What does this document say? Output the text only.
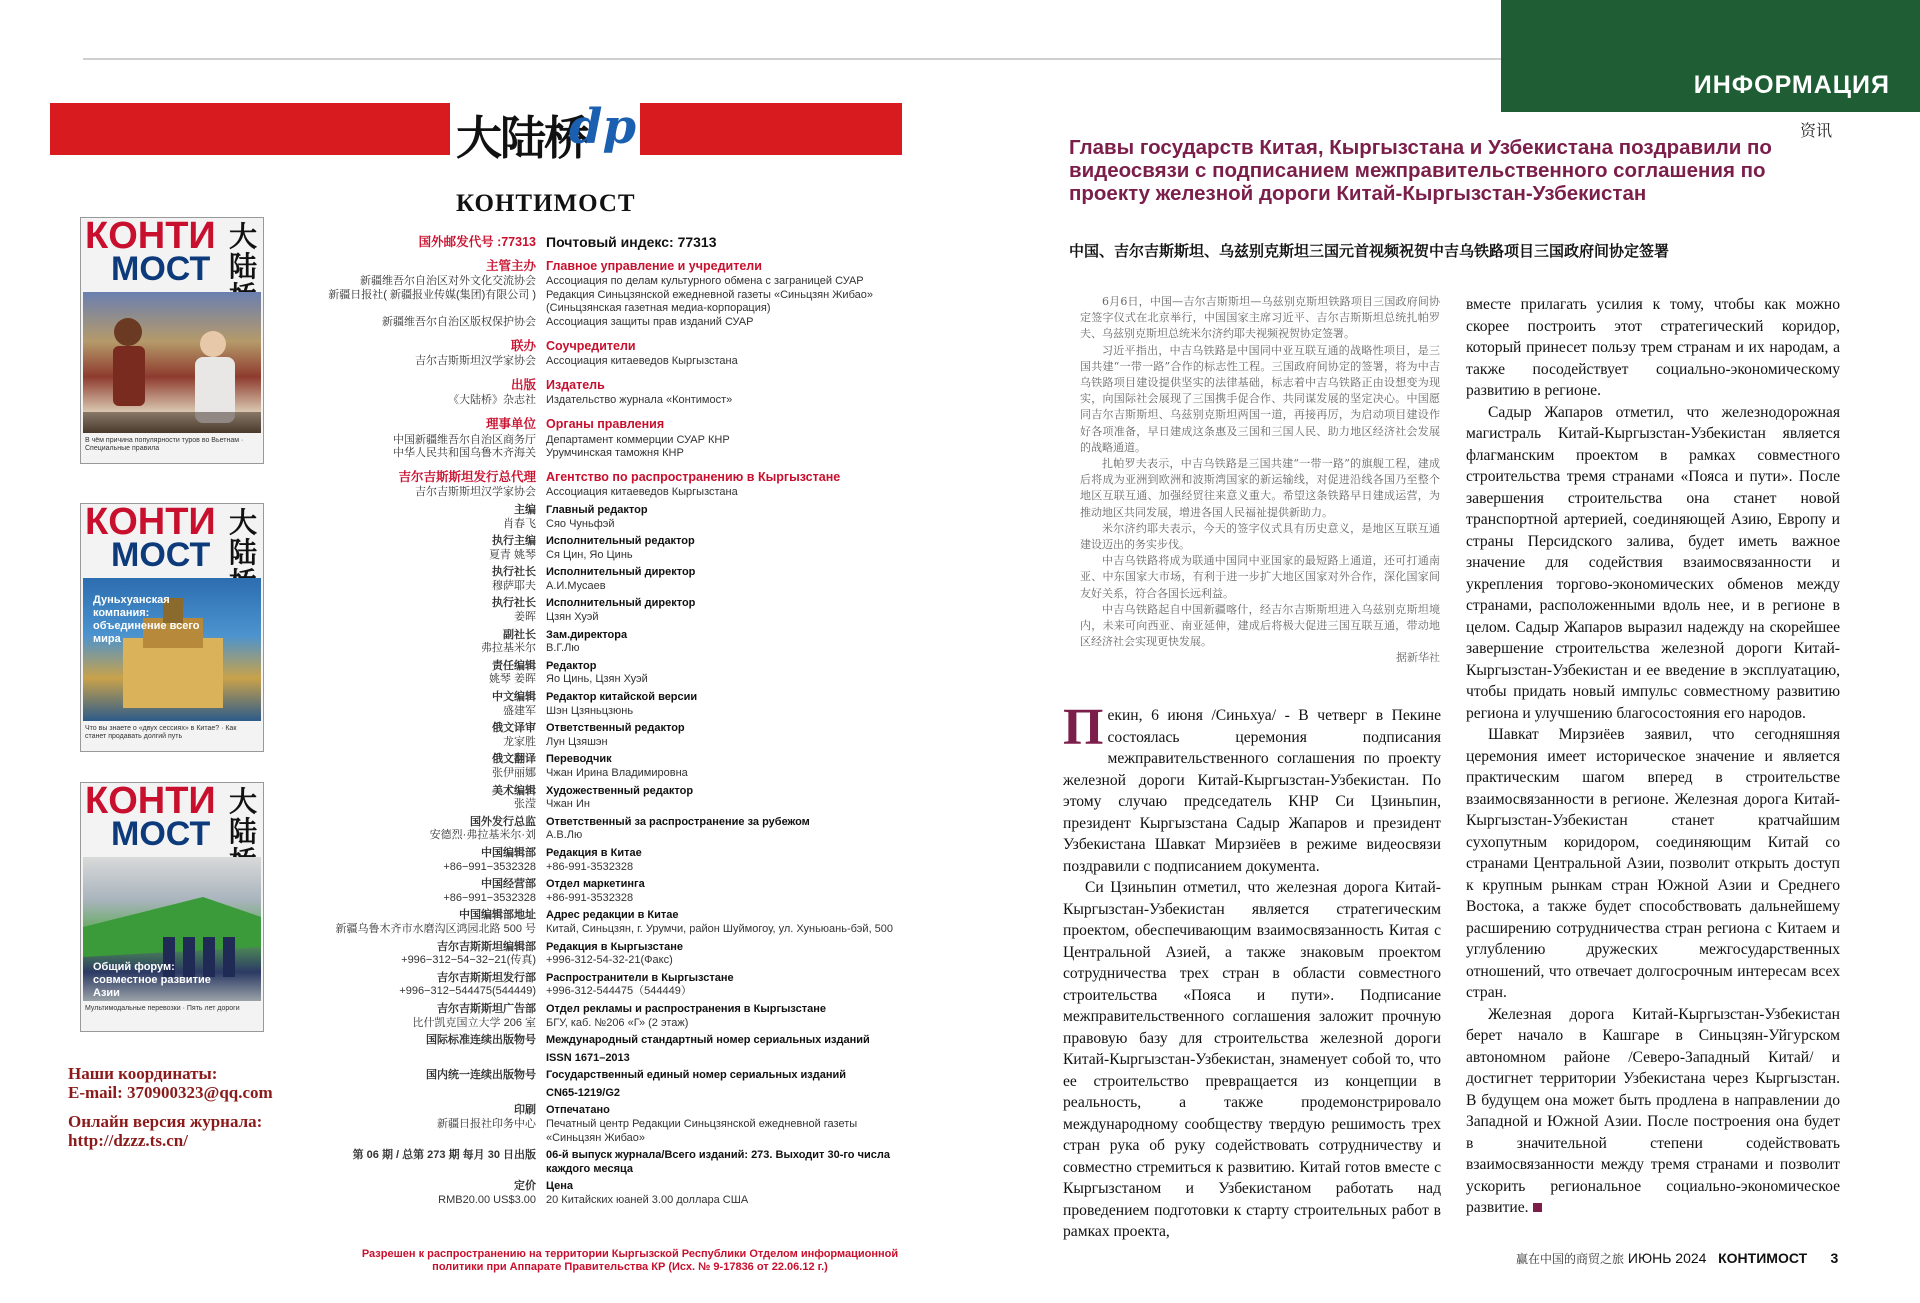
ИНФОРМАЦИЯ
资讯
大陆桥
dp
КОНТИМОСТ
КОНТИ
МОСТ
大陆
В чём причина популярности туров во Вьетнам · Специальные правила
КОНТИ
МОСТ
大陆
Дуньхуанская компания: объединение всего мира
Что вы знаете о «двух сессиях» в Китае? · Как станет продавать долгий путь
КОНТИ
МОСТ
大陆
Общий форум: совместное развитие Азии
Мультимодальные перевозки · Пять лет дороги
国外邮发代号 :77313 Почтовый индекс: 77313
主管主办 Главное управление и учредители
新疆维吾尔自治区对外文化交流协会 Ассоциация по делам культурного обмена с заграницей СУАР
新疆日报社( 新疆报业传媒(集团)有限公司 ) Редакция Синьцзянской ежедневной газеты «Синьцзян Жибао» (Синьцзянская газетная медиа-корпорация)
新疆维吾尔自治区版权保护协会 Ассоциация защиты прав изданий СУАР
联办 Соучредители
吉尔吉斯斯坦汉学家协会 Ассоциация китаеведов Кыргызстана
出版 Издатель
《大陆桥》杂志社 Издательство журнала «Контимост»
理事单位 Органы правления
中国新疆维吾尔自治区商务厅 Департамент коммерции СУАР КНР
中华人民共和国乌鲁木齐海关 Урумчинская таможня КНР
吉尔吉斯斯坦发行总代理 Агентство по распространению в Кыргызстане
吉尔吉斯斯坦汉学家协会 Ассоциация китаеведов Кыргызстана
主编 Главный редактор
肖春飞 Сяо Чуньфэй
执行主编 Исполнительный редактор
夏青 姚琴 Ся Цин, Яо Цинь
执行社长 Исполнительный директор
穆萨耶夫 А.И.Мусаев
执行社长 Исполнительный директор
姜晖 Цзян Хуэй
副社长 Зам.директора
弗拉基米尔 В.Г.Лю
责任编辑 Редактор
姚琴 姜晖 Яо Цинь, Цзян Хуэй
中文编辑 Редактор китайской версии
盛建军 Шэн Цзяньцзюнь
俄文译审 Ответственный редактор
龙家胜 Лун Цзяшэн
俄文翻译 Переводчик
张伊丽娜 Чжан Ирина Владимировна
美术编辑 Художественный редактор
张滢 Чжан Ин
国外发行总监 Ответственный за распространение за рубежом
安德烈·弗拉基米尔·刘 А.В.Лю
中国编辑部 Редакция в Китае
+86−991−3532328 +86-991-3532328
中国经营部 Отдел маркетинга
+86−991−3532328 +86-991-3532328
中国编辑部地址 Адрес редакции в Китае
新疆乌鲁木齐市水磨沟区鸿园北路 500 号 Китай, Синьцзян, г. Урумчи, район Шуймогоу, ул. Хуньюань-бэй, 500
吉尔吉斯斯坦编辑部 Редакция в Кыргызстане
+996−312−54−32−21(传真) +996-312-54-32-21(Факс)
吉尔吉斯斯坦发行部 Распространители в Кыргызстане
+996−312−544475(544449) +996-312-544475（544449）
吉尔吉斯斯坦广告部 Отдел рекламы и распространения в Кыргызстане
比什凯克国立大学 206 室 БГУ, каб. №206 «Г» (2 этаж)
国际标准连续出版物号 Международный стандартный номер сериальных изданий
ISSN 1671–2013
国内统一连续出版物号 Государственный единый номер сериальных изданий
CN65-1219/G2
印刷 Отпечатано
新疆日报社印务中心 Печатный центр Редакции Синьцзянской ежедневной газеты «Синьцзян Жибао»
第 06 期 / 总第 273 期 每月 30 日出版 06-й выпуск журнала/Всего изданий: 273. Выходит 30-го числа каждого месяца
定价 Цена
RMB20.00 US$3.00 20 Китайских юаней 3.00 доллара США
Разрешен к распространению на территории Кыргызской Республики Отделом информационной политики при Аппарате Правительства КР (Исх. № 9-17836 от 22.06.12 г.)
Наши координаты:
E-mail: 370900323@qq.com
Онлайн версия журнала:
http://dzzz.ts.cn/
Главы государств Китая, Кыргызстана и Узбекистана поздравили по видеосвязи с подписанием межправительственного соглашения по проекту железной дороги Китай-Кыргызстан-Узбекистан
中国、吉尔吉斯斯坦、乌兹别克斯坦三国元首视频祝贺中吉乌铁路项目三国政府间协定签署

6月6日，中国—吉尔吉斯斯坦—乌兹别克斯坦铁路项目三国政府间协定签字仪式在北京举行，中国国家主席习近平、吉尔吉斯斯坦总统扎帕罗夫、乌兹别克斯坦总统米尔济约耶夫视频祝贺协定签署。

习近平指出，中吉乌铁路是中国同中亚互联互通的战略性项目，是三国共建“一带一路”合作的标志性工程。三国政府间协定的签署，将为中吉乌铁路项目建设提供坚实的法律基础，标志着中吉乌铁路正由设想变为现实，向国际社会展现了三国携手促合作、共同谋发展的坚定决心。中国愿同吉尔吉斯斯坦、乌兹别克斯坦两国一道，再接再厉，为启动项目建设作好各项准备，早日建成这条惠及三国和三国人民、助力地区经济社会发展的战略通道。

扎帕罗夫表示，中吉乌铁路是三国共建“一带一路”的旗舰工程，建成后将成为亚洲到欧洲和波斯湾国家的新运输线，对促进沿线各国乃至整个地区互联互通、加强经贸往来意义重大。希望这条铁路早日建成运营，为推动地区共同发展，增进各国人民福祉提供新助力。

米尔济约耶夫表示，今天的签字仪式具有历史意义，是地区互联互通建设迈出的务实步伐。

中吉乌铁路将成为联通中国同中亚国家的最短路上通道，还可打通南亚、中东国家大市场，有利于进一步扩大地区国家对外合作，深化国家间友好关系，符合各国长远利益。

中吉乌铁路起自中国新疆喀什，经吉尔吉斯斯坦进入乌兹别克斯坦境内，未来可向西亚、南亚延伸，建成后将极大促进三国互联互通，带动地区经济社会实现更快发展。

据新华社

Пекин, 6 июня /Синьхуа/ - В четверг в Пекине состоялась церемония подписания межправительственного соглашения по проекту железной дороги Китай-Кыргызстан-Узбекистан. По этому случаю председатель КНР Си Цзиньпин, президент Кыргызстана Садыр Жапаров и президент Узбекистана Шавкат Мирзиёев в режиме видеосвязи поздравили с подписанием документа.

Си Цзиньпин отметил, что железная дорога Китай-Кыргызстан-Узбекистан является стратегическим проектом, обеспечивающим взаимосвязанность Китая с Центральной Азией, а также знаковым проектом сотрудничества трех стран в области совместного строительства «Пояса и пути». Подписание межправительственного соглашения заложит прочную правовую базу для строительства железной дороги Китай-Кыргызстан-Узбекистан, знаменует собой то, что ее строительство превращается из концепции в реальность, а также продемонстрировало международному сообществу твердую решимость трех стран рука об руку содействовать сотрудничеству и совместно стремиться к развитию. Китай готов вместе с Кыргызстаном и Узбекистаном работать над проведением подготовки к старту строительных работ в рамках проекта,

вместе прилагать усилия к тому, чтобы как можно скорее построить этот стратегический коридор, который принесет пользу трем странам и их народам, а также посодействует социально-экономическому развитию в регионе.

Садыр Жапаров отметил, что железнодорожная магистраль Китай-Кыргызстан-Узбекистан является флагманским проектом в рамках совместного строительства тремя странами «Пояса и пути». После завершения строительства она станет новой транспортной артерией, соединяющей Азию, Европу и страны Персидского залива, будет иметь важное значение для содействия взаимосвязанности и укрепления торгово-экономических обменов между странами, расположенными вдоль нее, и в регионе в целом. Садыр Жапаров выразил надежду на скорейшее завершение строительства железной дороги Китай-Кыргызстан-Узбекистан и ее введение в эксплуатацию, чтобы придать новый импульс совместному развитию региона и улучшению благосостояния его народов.

Шавкат Мирзиёев заявил, что сегодняшняя церемония имеет историческое значение и является практическим шагом вперед в строительстве взаимосвязанности в регионе. Железная дорога Китай-Кыргызстан-Узбекистан станет кратчайшим сухопутным коридором, соединяющим Китай со странами Центральной Азии, позволит открыть доступ к крупным рынкам стран Южной Азии и Среднего Востока, а также будет способствовать дальнейшему расширению сотрудничества стран региона с Китаем и углублению дружеских межгосударственных отношений, что отвечает долгосрочным интересам всех стран.

Железная дорога Китай-Кыргызстан-Узбекистан берет начало в Кашгаре в Синьцзян-Уйгурском автономном районе /Северо-Западный Китай/ и достигнет территории Узбекистана через Кыргызстан. В будущем она может быть продлена в направлении до Западной и Южной Азии. После построения она будет в значительной степени содействовать взаимосвязанности между тремя странами и позволит ускорить региональное социально-экономическое развитие.

赢在中国的商贸之旅 ИЮНЬ 2024 КОНТИМОСТ 3
